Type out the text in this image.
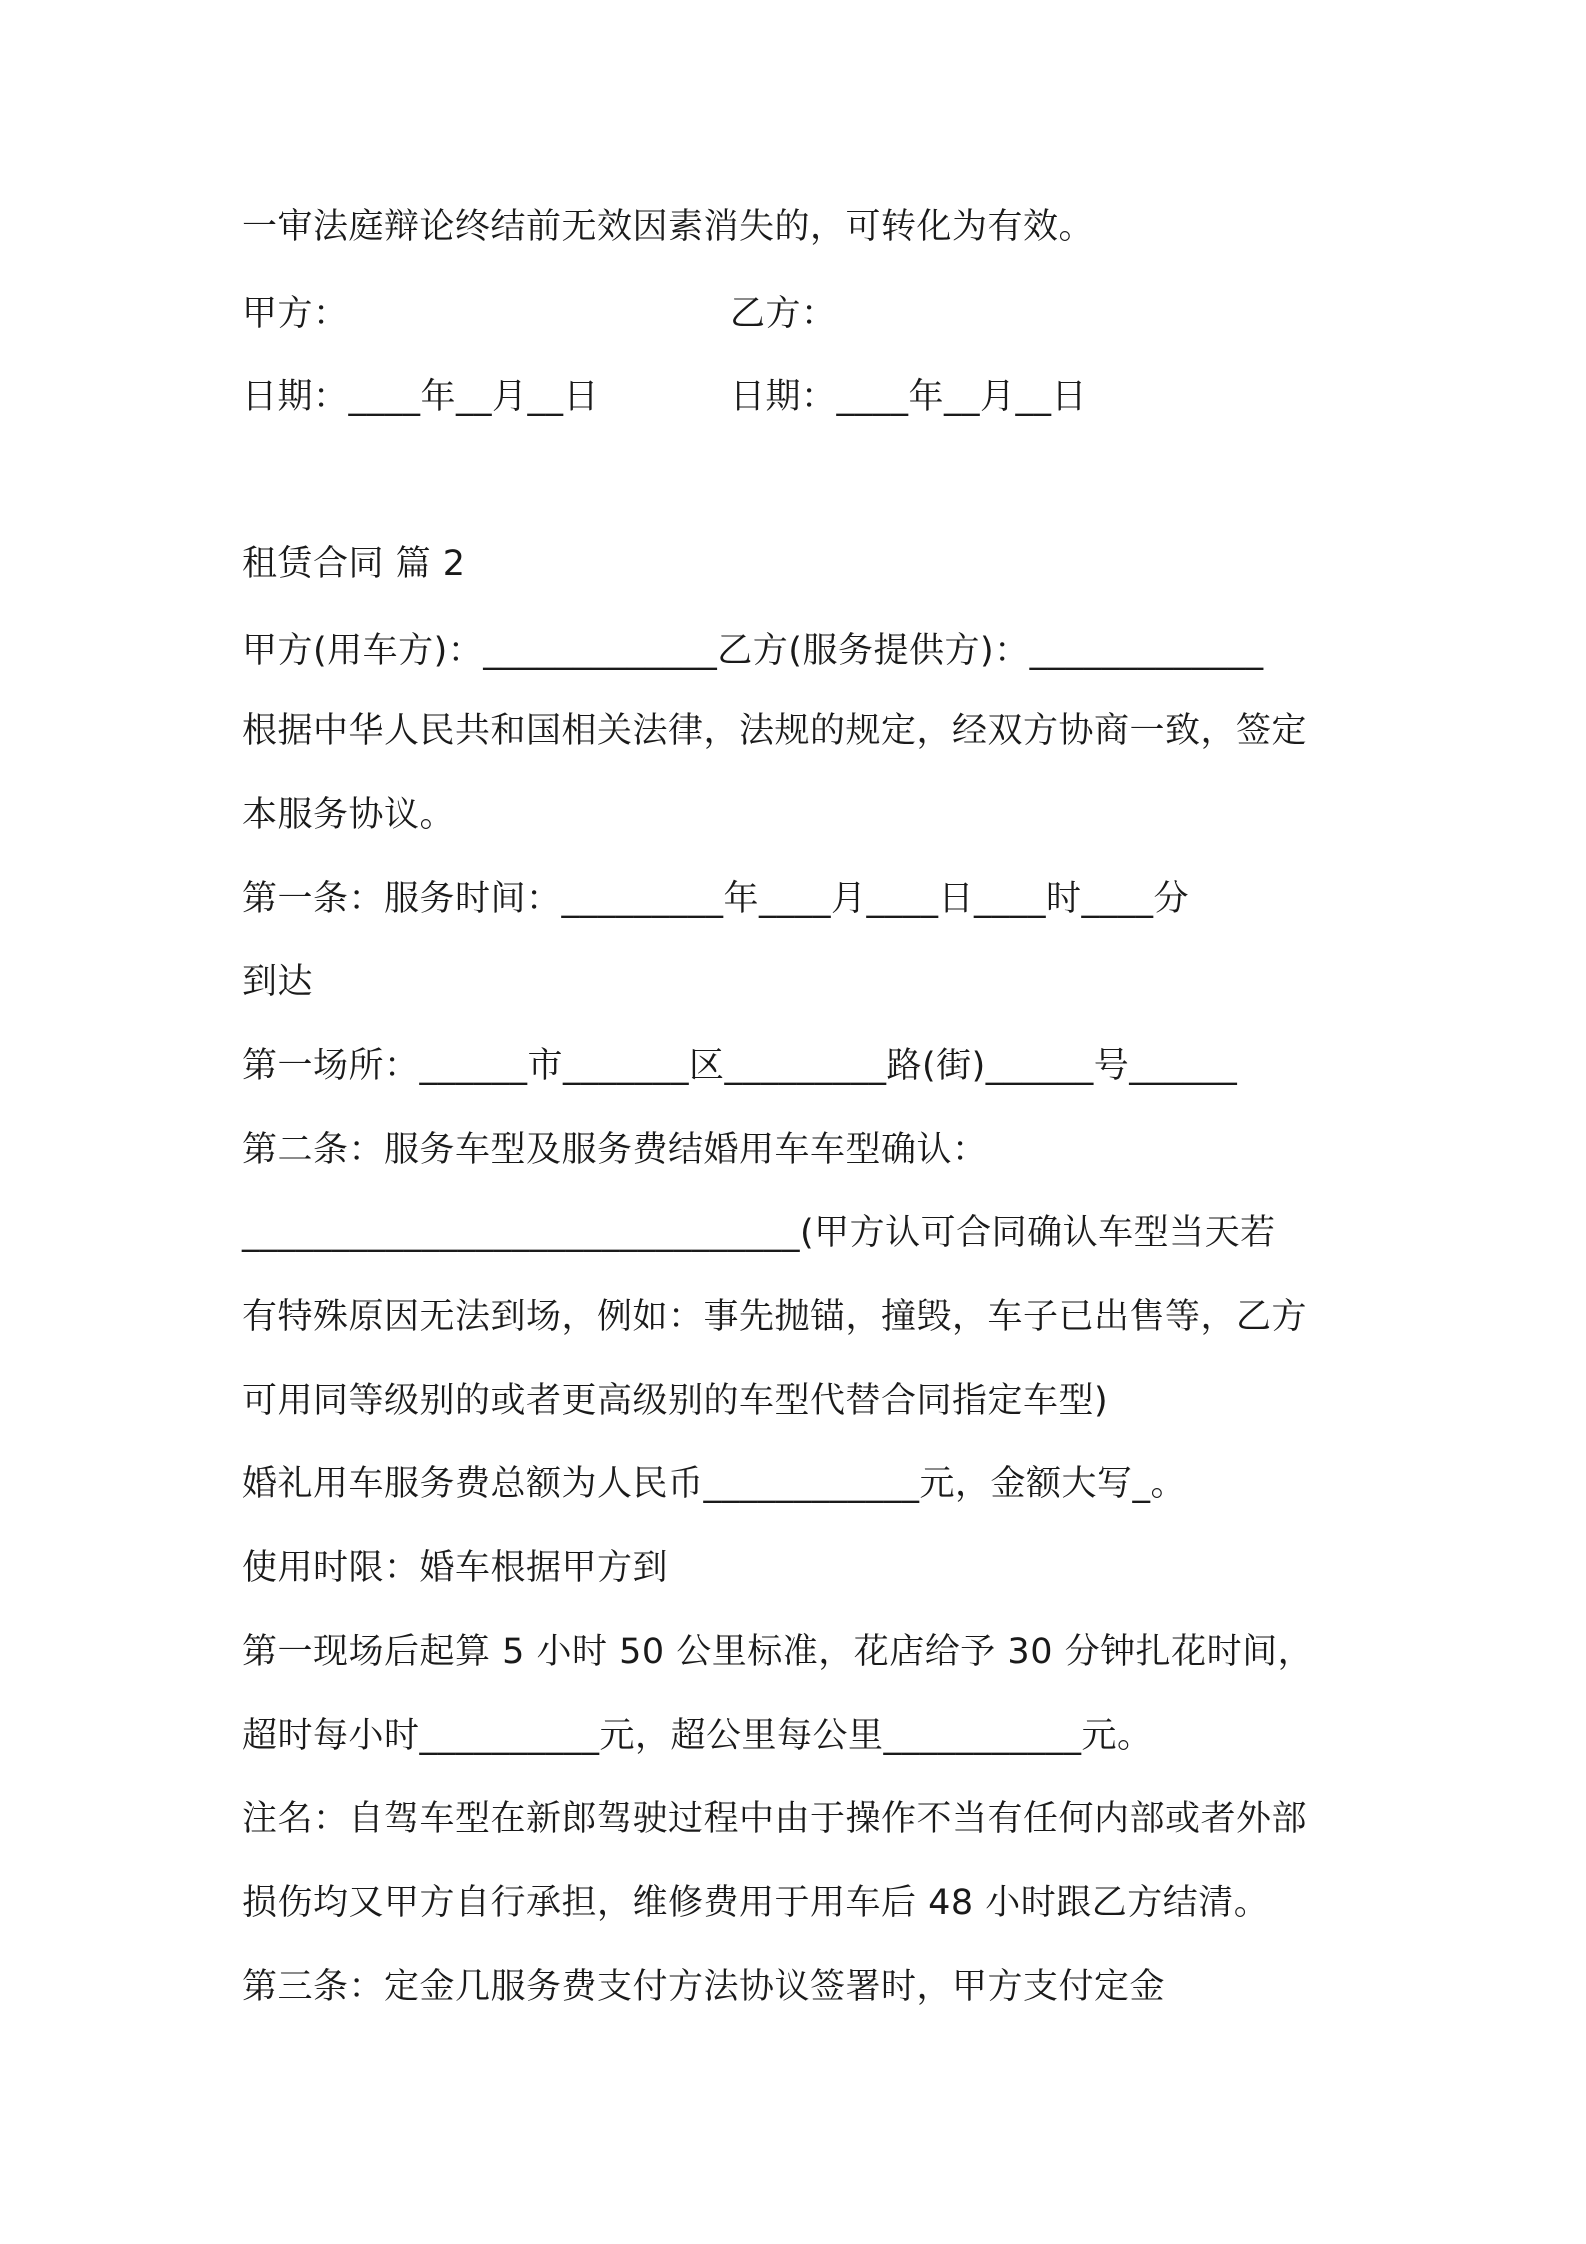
一审法庭辩论终结前无效因素消失的，可转化为有效。
甲方：	乙方：
日期：____年__月__日	日期：____年__月__日
租赁合同 篇 2
甲方(用车方)：_____________乙方(服务提供方)：_____________
根据中华人民共和国相关法律，法规的规定，经双方协商一致，签定
本服务协议。
第一条：服务时间：_________年____月____日____时____分
到达
第一场所：______市_______区_________路(街)______号______
第二条：服务车型及服务费结婚用车车型确认：
_______________________________(甲方认可合同确认车型当天若
有特殊原因无法到场，例如：事先抛锚，撞毁，车子已出售等，乙方
可用同等级别的或者更高级别的车型代替合同指定车型)
婚礼用车服务费总额为人民币____________元，金额大写_。
使用时限：婚车根据甲方到
第一现场后起算 5 小时 50 公里标准，花店给予 30 分钟扎花时间，
超时每小时__________元，超公里每公里___________元。
注名：自驾车型在新郎驾驶过程中由于操作不当有任何内部或者外部
损伤均又甲方自行承担，维修费用于用车后 48 小时跟乙方结清。
第三条：定金几服务费支付方法协议签署时，甲方支付定金
